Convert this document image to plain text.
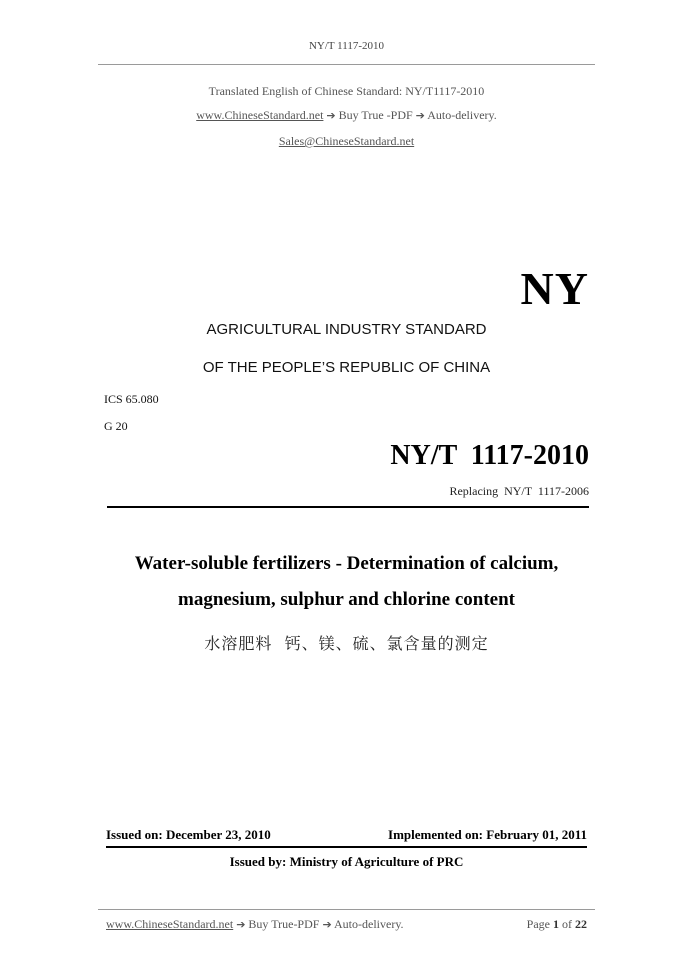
NY/T 1117-2010
Translated English of Chinese Standard: NY/T1117-2010
www.ChineseStandard.net ➔ Buy True -PDF ➔ Auto-delivery.
Sales@ChineseStandard.net
NY
AGRICULTURAL INDUSTRY STANDARD
OF THE PEOPLE’S REPUBLIC OF CHINA
ICS 65.080
G 20
NY/T  1117-2010
Replacing  NY/T  1117-2006
Water-soluble fertilizers - Determination of calcium,
magnesium, sulphur and chlorine content
水溶肥料  钙、镁、硫、氯含量的测定
Issued on: December 23, 2010	Implemented on: February 01, 2011
Issued by: Ministry of Agriculture of PRC
www.ChineseStandard.net ➔ Buy True-PDF ➔ Auto-delivery.	Page 1 of 22
